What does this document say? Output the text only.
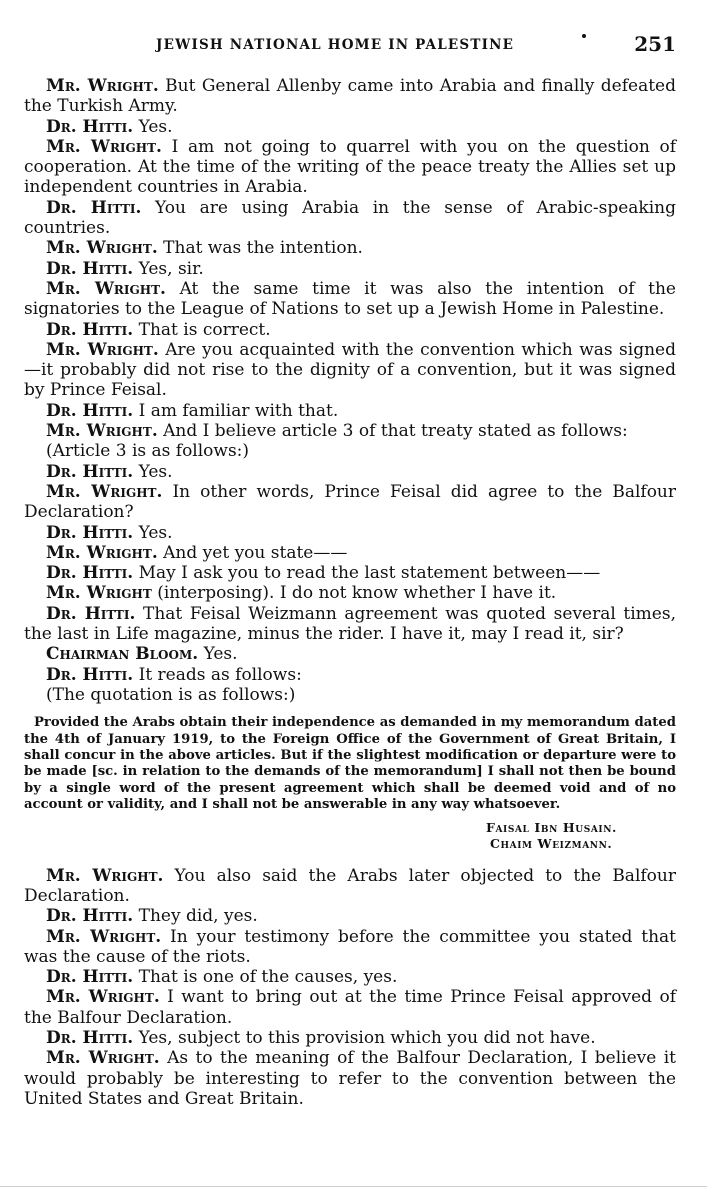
JEWISH NATIONAL HOME IN PALESTINE	251

Mr. Wright. But General Allenby came into Arabia and finally defeated the Turkish Army.

Dr. Hitti. Yes.

Mr. Wright. I am not going to quarrel with you on the question of cooperation. At the time of the writing of the peace treaty the Allies set up independent countries in Arabia.

Dr. Hitti. You are using Arabia in the sense of Arabic-speaking countries.

Mr. Wright. That was the intention.

Dr. Hitti. Yes, sir.

Mr. Wright. At the same time it was also the intention of the signatories to the League of Nations to set up a Jewish Home in Palestine.

Dr. Hitti. That is correct.

Mr. Wright. Are you acquainted with the convention which was signed—it probably did not rise to the dignity of a convention, but it was signed by Prince Feisal.

Dr. Hitti. I am familiar with that.

Mr. Wright. And I believe article 3 of that treaty stated as follows:

(Article 3 is as follows:)

Dr. Hitti. Yes.

Mr. Wright. In other words, Prince Feisal did agree to the Balfour Declaration?

Dr. Hitti. Yes.

Mr. Wright. And yet you state——

Dr. Hitti. May I ask you to read the last statement between——

Mr. Wright (interposing). I do not know whether I have it.

Dr. Hitti. That Feisal Weizmann agreement was quoted several times, the last in Life magazine, minus the rider. I have it, may I read it, sir?

Chairman Bloom. Yes.

Dr. Hitti. It reads as follows:

(The quotation is as follows:)

Provided the Arabs obtain their independence as demanded in my memorandum dated the 4th of January 1919, to the Foreign Office of the Government of Great Britain, I shall concur in the above articles. But if the slightest modification or departure were to be made [sc. in relation to the demands of the memorandum] I shall not then be bound by a single word of the present agreement which shall be deemed void and of no account or validity, and I shall not be answerable in any way whatsoever.

Faisal Ibn Husain.
Chaim Weizmann.

Mr. Wright. You also said the Arabs later objected to the Balfour Declaration.

Dr. Hitti. They did, yes.

Mr. Wright. In your testimony before the committee you stated that was the cause of the riots.

Dr. Hitti. That is one of the causes, yes.

Mr. Wright. I want to bring out at the time Prince Feisal approved of the Balfour Declaration.

Dr. Hitti. Yes, subject to this provision which you did not have.

Mr. Wright. As to the meaning of the Balfour Declaration, I believe it would probably be interesting to refer to the convention between the United States and Great Britain.
